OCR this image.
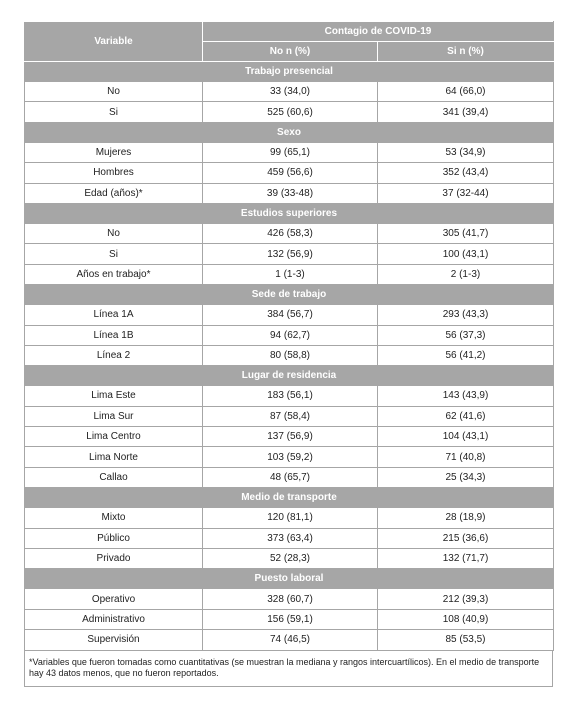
Variable	Contagio de COVID-19	
	No n (%)	Si n (%)
Trabajo presencial		
No	33 (34,0)	64 (66,0)
Si	525 (60,6)	341 (39,4)
Sexo		
Mujeres	99 (65,1)	53 (34,9)
Hombres	459 (56,6)	352 (43,4)
Edad (años)*	39 (33-48)	37 (32-44)
Estudios superiores		
No	426 (58,3)	305 (41,7)
Si	132 (56,9)	100 (43,1)
Años en trabajo*	1 (1-3)	2 (1-3)
Sede de trabajo		
Línea 1A	384 (56,7)	293 (43,3)
Línea 1B	94 (62,7)	56 (37,3)
Línea 2	80 (58,8)	56 (41,2)
Lugar de residencia		
Lima Este	183 (56,1)	143 (43,9)
Lima Sur	87 (58,4)	62 (41,6)
Lima Centro	137 (56,9)	104 (43,1)
Lima Norte	103 (59,2)	71 (40,8)
Callao	48 (65,7)	25 (34,3)
Medio de transporte		
Mixto	120 (81,1)	28 (18,9)
Público	373 (63,4)	215 (36,6)
Privado	52 (28,3)	132 (71,7)
Puesto laboral		
Operativo	328 (60,7)	212 (39,3)
Administrativo	156 (59,1)	108 (40,9)
Supervisión	74 (46,5)	85 (53,5)
*Variables que fueron tomadas como cuantitativas (se muestran la mediana y rangos intercuartílicos). En el medio de transporte hay 43 datos menos, que no fueron reportados.
